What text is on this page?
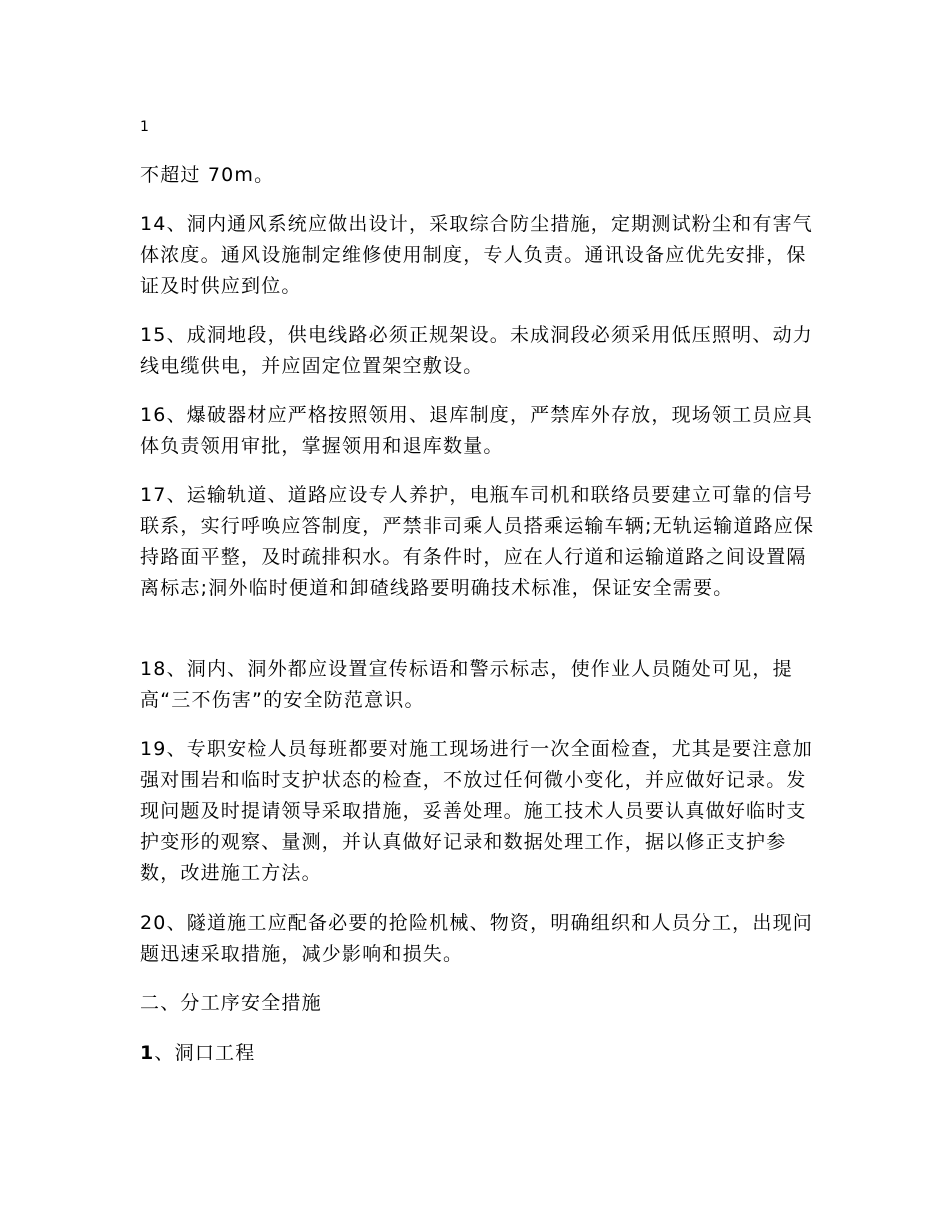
1

不超过 70m。

14、洞内通风系统应做出设计，采取综合防尘措施，定期测试粉尘和有害气体浓度。通风设施制定维修使用制度，专人负责。通讯设备应优先安排，保证及时供应到位。

15、成洞地段，供电线路必须正规架设。未成洞段必须采用低压照明、动力线电缆供电，并应固定位置架空敷设。

16、爆破器材应严格按照领用、退库制度，严禁库外存放，现场领工员应具体负责领用审批，掌握领用和退库数量。

17、运输轨道、道路应设专人养护，电瓶车司机和联络员要建立可靠的信号联系，实行呼唤应答制度，严禁非司乘人员搭乘运输车辆;无轨运输道路应保持路面平整，及时疏排积水。有条件时，应在人行道和运输道路之间设置隔离标志;洞外临时便道和卸碴线路要明确技术标准，保证安全需要。

18、洞内、洞外都应设置宣传标语和警示标志，使作业人员随处可见，提高“三不伤害”的安全防范意识。

19、专职安检人员每班都要对施工现场进行一次全面检查，尤其是要注意加强对围岩和临时支护状态的检查，不放过任何微小变化，并应做好记录。发现问题及时提请领导采取措施，妥善处理。施工技术人员要认真做好临时支护变形的观察、量测，并认真做好记录和数据处理工作，据以修正支护参数，改进施工方法。

20、隧道施工应配备必要的抢险机械、物资，明确组织和人员分工，出现问题迅速采取措施，减少影响和损失。

二、分工序安全措施

1、洞口工程
